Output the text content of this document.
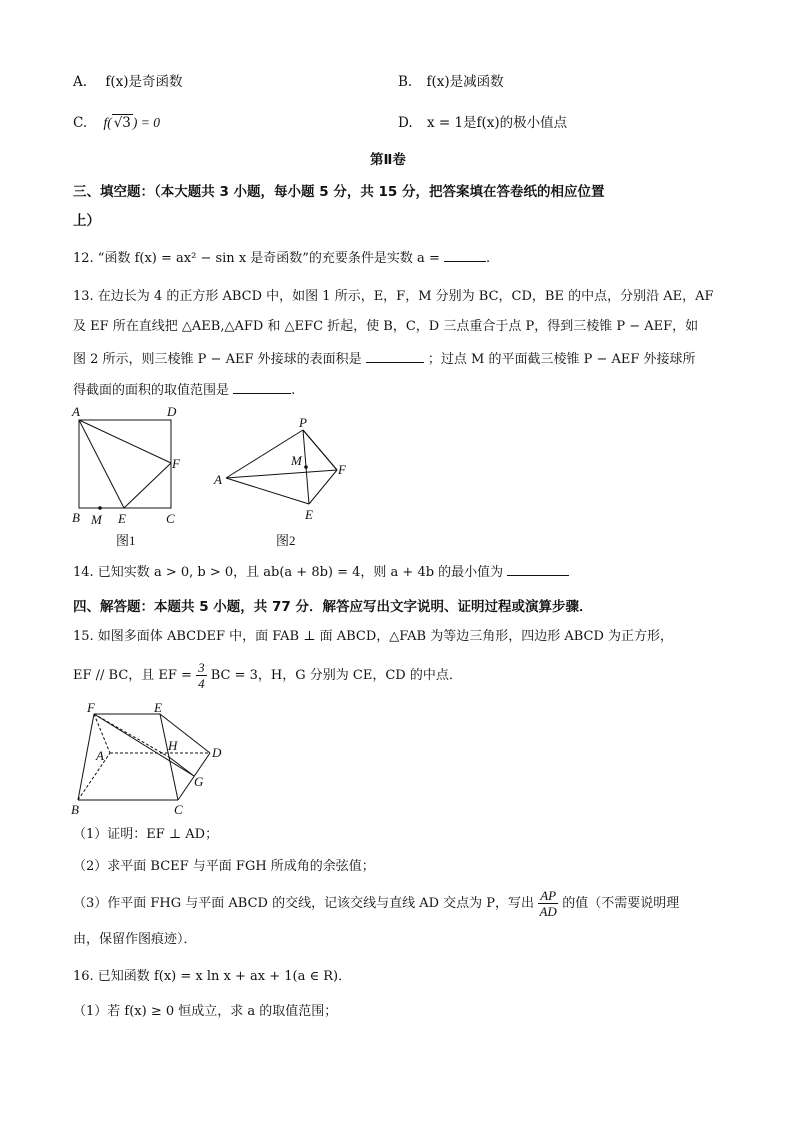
A. f(x)是奇函数	B. f(x)是减函数
C. f( √3 ) = 0	D. x = 1是f(x)的极小值点
第Ⅱ卷
三、填空题：（本大题共 3 小题，每小题 5 分，共 15 分，把答案填在答卷纸的相应位置
上）
12. “函数 f(x) = ax² − sin x 是奇函数”的充要条件是实数 a =	.
13. 在边长为 4 的正方形 ABCD 中，如图 1 所示，E，F，M 分别为 BC，CD，BE 的中点，分别沿 AE，AF
及 EF 所在直线把 △AEB,△AFD 和 △EFC 折起，使 B，C，D 三点重合于点 P，得到三棱锥 P − AEF，如
图 2 所示，则三棱锥 P − AEF 外接球的表面积是	；过点 M 的平面截三棱锥 P − AEF 外接球所
得截面的面积的取值范围是	.
A	D
F
B M E	C
图1
P
M
A
F
E
图2
14. 已知实数 a > 0, b > 0，且 ab(a + 8b) = 4，则 a + 4b 的最小值为
四、解答题：本题共 5 小题，共 77 分．解答应写出文字说明、证明过程或演算步骤．
15. 如图多面体 ABCDEF 中，面 FAB ⊥ 面 ABCD，△FAB 为等边三角形，四边形 ABCD 为正方形，
EF // BC，且 EF = $\frac{3}{4}$ BC = 3，H，G 分别为 CE，CD 的中点．
F	E
H
A	D
G
B	C
（1）证明：EF ⊥ AD；
（2）求平面 BCEF 与平面 FGH 所成角的余弦值；
（3）作平面 FHG 与平面 ABCD 的交线，记该交线与直线 AD 交点为 P，写出 $\frac{AP}{AD}$ 的值（不需要说明理
由，保留作图痕迹）．
16. 已知函数 f(x) = x ln x + ax + 1(a ∈ R)．
（1）若 f(x) ≥ 0 恒成立，求 a 的取值范围；
